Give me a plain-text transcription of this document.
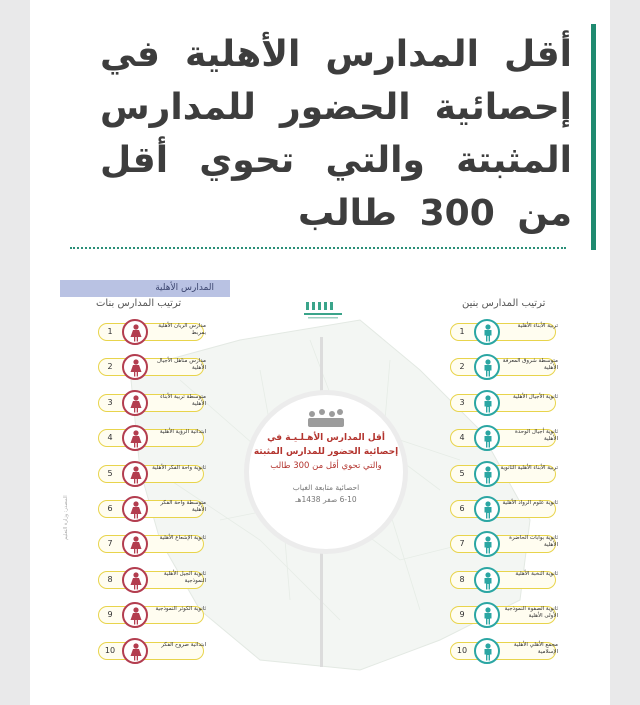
أقل المدارس الأهلية في إحصائية الحضور للمدارس المثبتة والتي تحوي أقل من 300 طالب

المدارس الأهلية
ترتيب المدارس بنات	ترتيب المدارس بنين
أقل المدارس الأهـلـيـة في
إحصائية الحضور للمدارس المثبتة
والتي تحوي أقل من 300 طالب
احصائية متابعة الغياب
6-10 صفر 1438هـ
المصدر: وزارة التعليم
1
مدارس الريان الأهلية بمربط
2
مدارس مناهل الأجيال الأهلية
3
متوسطة تربية الأبناء الأهلية
4
ابتدائية الرؤية الأهلية
5
ثانوية واحة الفكر الأهلية
6
متوسطة واحة الفكر الأهلية
7
ثانوية الإشعاع الأهلية
8
ثانوية الجيل الأهلية النموذجية
9
ثانوية الكوثر النموذجية
10
ابتدائية صروح الفكر
1
تربية الأبناء الأهلية
2
متوسطة شروق المعرفة الأهلية
3
ثانوية الأجيال الأهلية
4
ثانوية أجيال الوحدة الأهلية
5
تربية الأبناء الأهلية الثانوية
6
ثانوية علوم الرواد الأهلية
7
ثانوية بوابات الحاضرة الأهلية
8
ثانوية النخبة الأهلية
9
ثانوية الصفوة النموذجية الأولى الأهلية
10
مجمع الأهلي الأهلية الإسلامية
